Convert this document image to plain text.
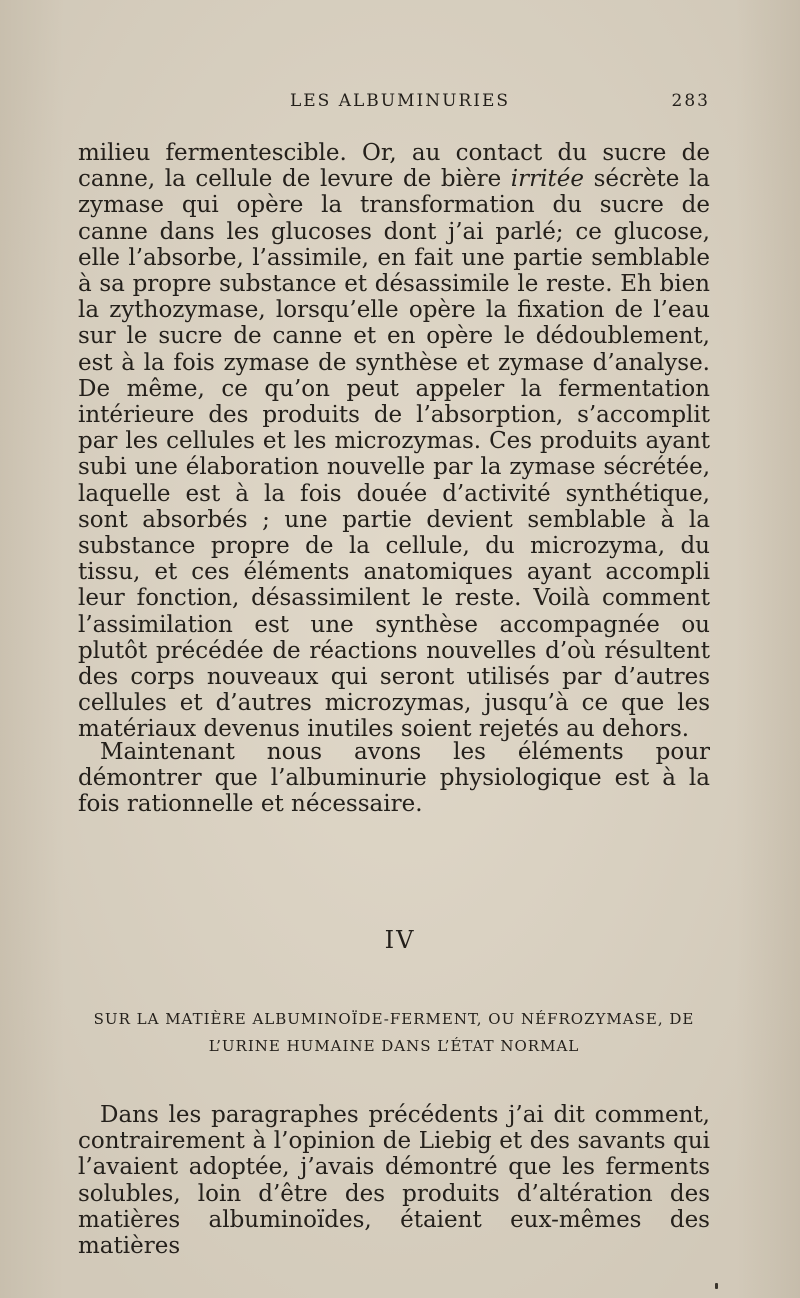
LES ALBUMINURIES	283

milieu fermentescible. Or, au contact du sucre de canne, la cellule de levure de bière irritée sécrète la zymase qui opère la transformation du sucre de canne dans les glucoses dont j’ai parlé; ce glucose, elle l’absorbe, l’assimile, en fait une partie semblable à sa propre substance et désassimile le reste. Eh bien la zythozymase, lorsqu’elle opère la fixation de l’eau sur le sucre de canne et en opère le dédoublement, est à la fois zymase de synthèse et zymase d’analyse. De même, ce qu’on peut appeler la fermentation intérieure des produits de l’absorption, s’accomplit par les cellules et les microzymas. Ces produits ayant subi une élaboration nouvelle par la zymase sécrétée, laquelle est à la fois douée d’activité synthétique, sont absorbés ; une partie devient semblable à la substance propre de la cellule, du microzyma, du tissu, et ces éléments anatomiques ayant accompli leur fonction, désassimilent le reste. Voilà comment l’assimilation est une synthèse accompagnée ou plutôt précédée de réactions nouvelles d’où résultent des corps nouveaux qui seront utilisés par d’autres cellules et d’autres microzymas, jusqu’à ce que les matériaux devenus inutiles soient rejetés au dehors.

Maintenant nous avons les éléments pour démontrer que l’albuminurie physiologique est à la fois rationnelle et nécessaire.

IV
SUR LA MATIÈRE ALBUMINOÏDE-FERMENT, OU NÉFROZYMASE, DE L’URINE HUMAINE DANS L’ÉTAT NORMAL

Dans les paragraphes précédents j’ai dit comment, contrairement à l’opinion de Liebig et des savants qui l’avaient adoptée, j’avais démontré que les ferments solubles, loin d’être des produits d’altération des matières albuminoïdes, étaient eux-mêmes des matières
